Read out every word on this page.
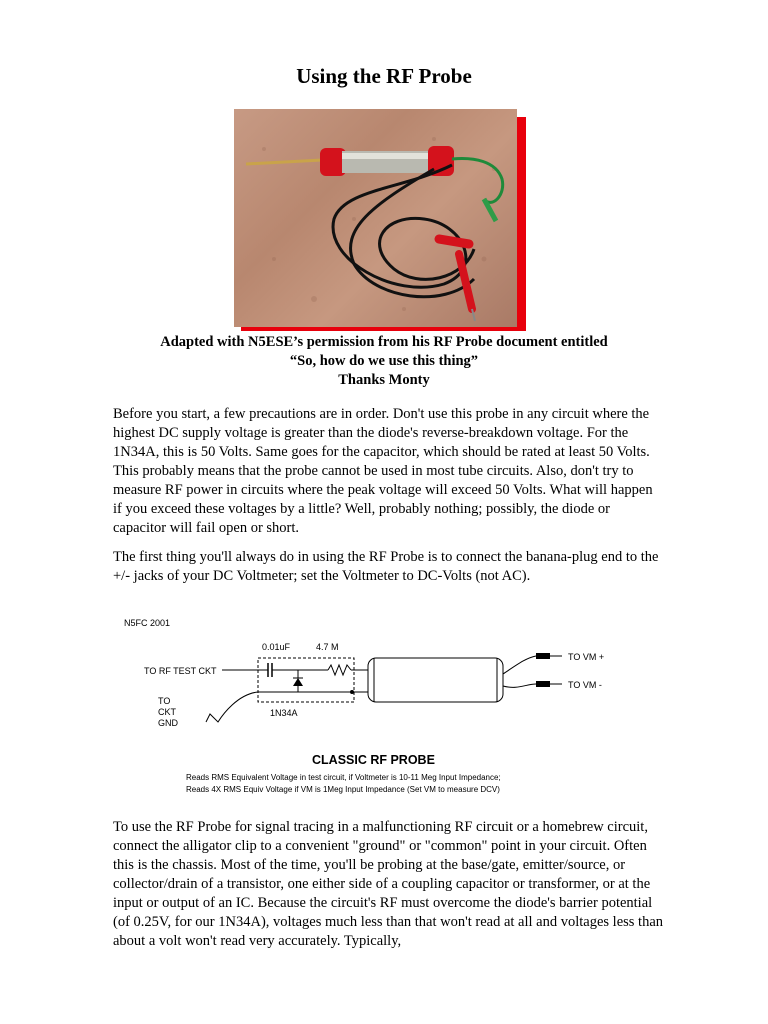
Using the RF Probe
Adapted with N5ESE’s permission from his RF Probe document entitled
“So, how do we use this thing”
Thanks Monty
Before you start, a few precautions are in order. Don't use this probe in any circuit where the highest DC supply voltage is greater than the diode's reverse-breakdown voltage. For the 1N34A, this is 50 Volts. Same goes for the capacitor, which should be rated at least 50 Volts. This probably means that the probe cannot be used in most tube circuits. Also, don't try to measure RF power in circuits where the peak voltage will exceed 50 Volts. What will happen if you exceed these voltages by a little? Well, probably nothing; possibly, the diode or capacitor will fail open or short.
The first thing you'll always do in using the RF Probe is to connect the banana-plug end to the +/- jacks of your DC Voltmeter; set the Voltmeter to DC-Volts (not AC).
N5FC 2001
0.01uF	4.7 M
TO RF TEST CKT
TO
CKT
GND
1N34A
TO VM +
TO VM -
CLASSIC RF PROBE
Reads RMS Equivalent Voltage in test circuit, if Voltmeter is 10-11 Meg Input Impedance;
Reads 4X RMS Equiv Voltage if VM is 1Meg Input Impedance (Set VM to measure DCV)
To use the RF Probe for signal tracing in a malfunctioning RF circuit or a homebrew circuit, connect the alligator clip to a convenient "ground" or "common" point in your circuit. Often this is the chassis. Most of the time, you'll be probing at the base/gate, emitter/source, or collector/drain of a transistor, one either side of a coupling capacitor or transformer, or at the input or output of an IC. Because the circuit's RF must overcome the diode's barrier potential (of 0.25V, for our 1N34A), voltages much less than that won't read at all and voltages less than about a volt won't read very accurately. Typically,
